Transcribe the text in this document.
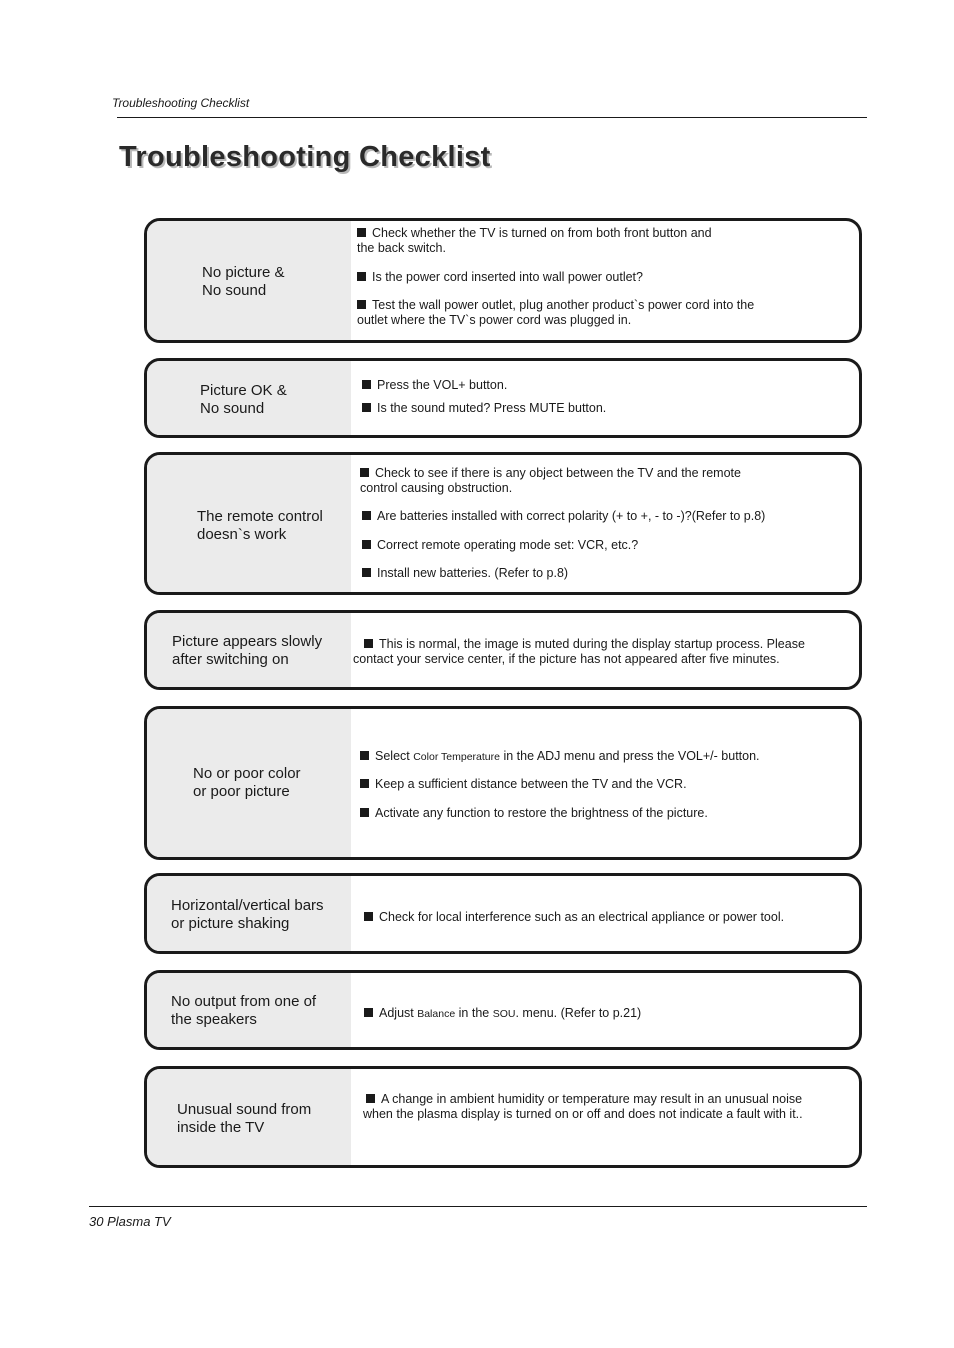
Troubleshooting Checklist
Troubleshooting Checklist
No picture &
No sound
Check whether the TV is turned on from both front button and
the back switch.
Is the power cord inserted into wall power outlet?
Test the wall power outlet, plug another product`s power cord into the
outlet where the TV`s power cord was plugged in.
Picture OK &
No sound
Press the VOL+ button.
Is the sound muted? Press MUTE button.
The remote control
doesn`s work
Check to see if there is any object between the TV and the remote
control causing obstruction.
Are batteries installed with correct polarity (+ to +, - to -)?(Refer to p.8)
Correct remote operating mode set: VCR, etc.?
Install new batteries. (Refer to p.8)
Picture appears slowly
after switching on
This is normal, the image is muted during the display startup process. Please
contact your service center, if the picture has not appeared after five minutes.
No or poor color
or poor picture
Select Color Temperature in the ADJ menu and press the VOL+/- button.
Keep a sufficient distance between the TV and the VCR.
Activate any function to restore the brightness of the picture.
Horizontal/vertical bars
or picture shaking	Check for local interference such as an electrical appliance or power tool.
No output from one of
the speakers	Adjust Balance in the SOU. menu. (Refer to p.21)
Unusual sound from
inside the TV
A change in ambient humidity or temperature may result in an unusual noise
when the plasma display is turned on or off and does not indicate a fault with it..
30 Plasma TV
